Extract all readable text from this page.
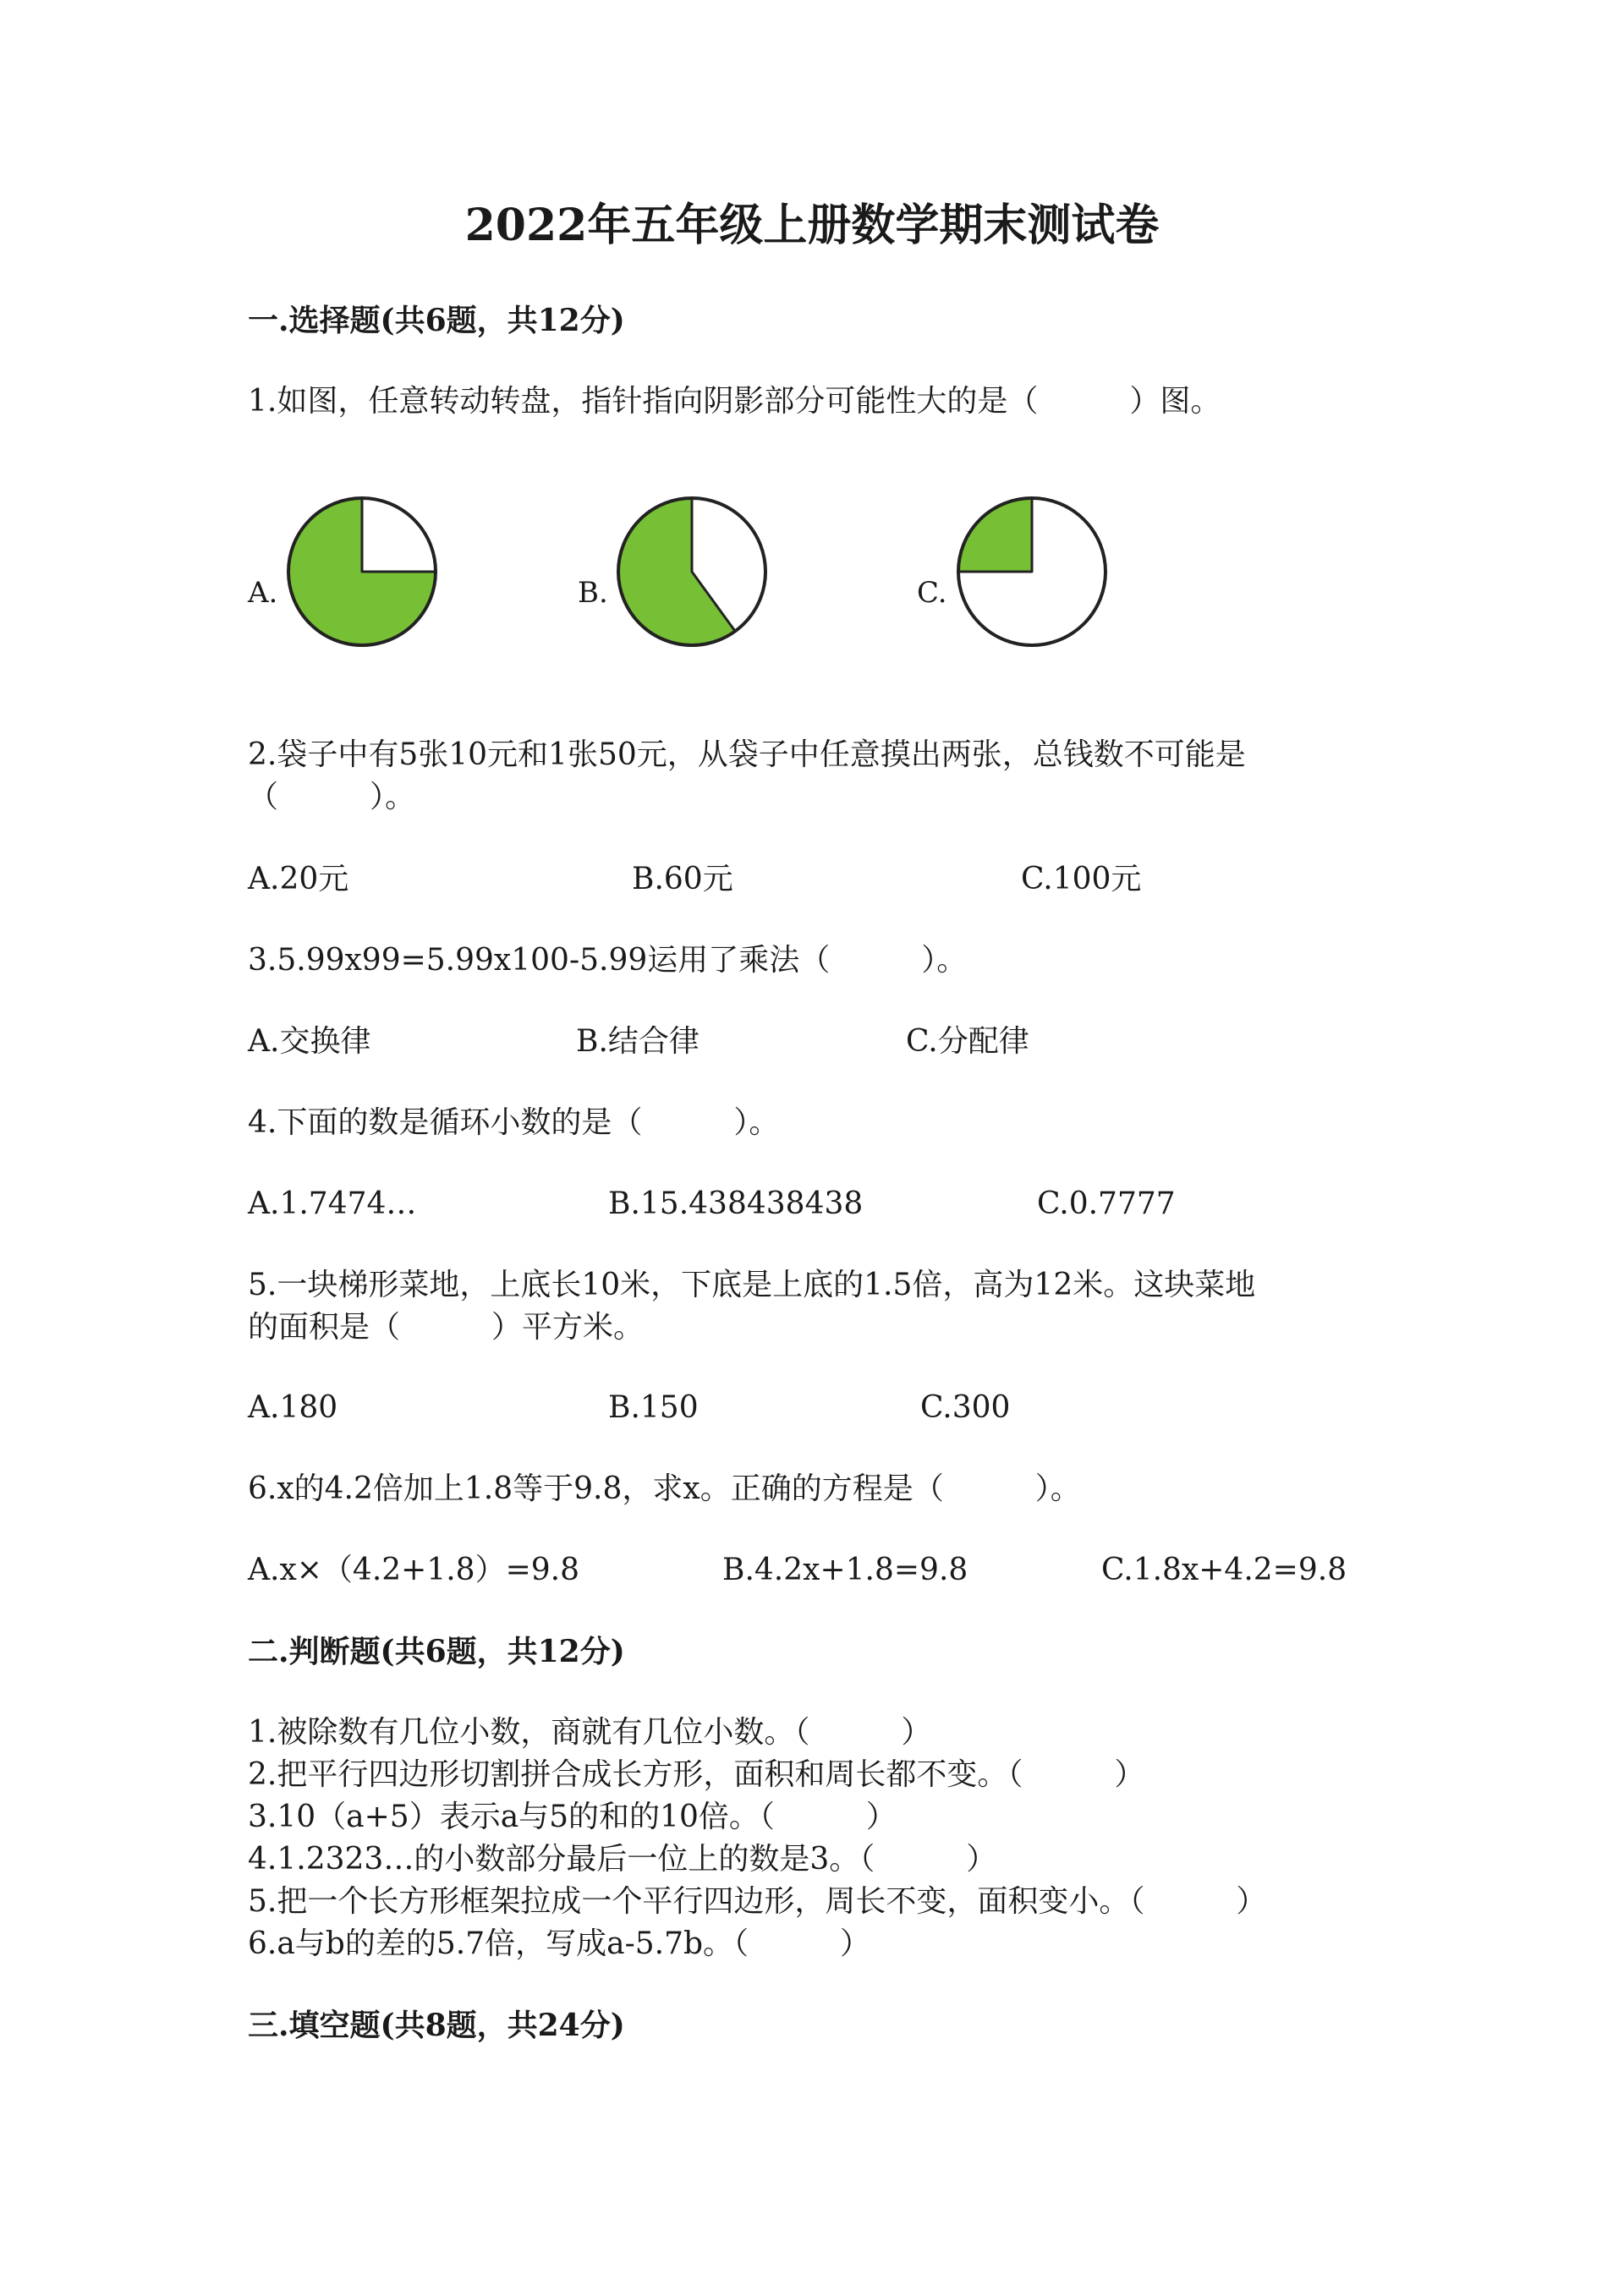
2022年五年级上册数学期末测试卷
一.选择题(共6题，共12分)
1.如图，任意转动转盘，指针指向阴影部分可能性大的是（　　　）图。
A.	B.	C.
2.袋子中有5张10元和1张50元，从袋子中任意摸出两张，总钱数不可能是
（　　　）。
A.20元	B.60元	C.100元
3.5.99x99=5.99x100-5.99运用了乘法（　　　）。
A.交换律	B.结合律	C.分配律
4.下面的数是循环小数的是（　　　）。
A.1.7474…	B.15.438438438	C.0.7777
5.一块梯形菜地，上底长10米，下底是上底的1.5倍，高为12米。这块菜地
的面积是（　　　）平方米。
A.180	B.150	C.300
6.x的4.2倍加上1.8等于9.8，求x。正确的方程是（　　　）。
A.x×（4.2+1.8）=9.8	B.4.2x+1.8=9.8	C.1.8x+4.2=9.8
二.判断题(共6题，共12分)
1.被除数有几位小数，商就有几位小数。（　　　）
2.把平行四边形切割拼合成长方形，面积和周长都不变。（　　　）
3.10（a+5）表示a与5的和的10倍。（　　　）
4.1.2323…的小数部分最后一位上的数是3。（　　　）
5.把一个长方形框架拉成一个平行四边形，周长不变，面积变小。（　　　）
6.a与b的差的5.7倍，写成a-5.7b。（　　　）
三.填空题(共8题，共24分)
